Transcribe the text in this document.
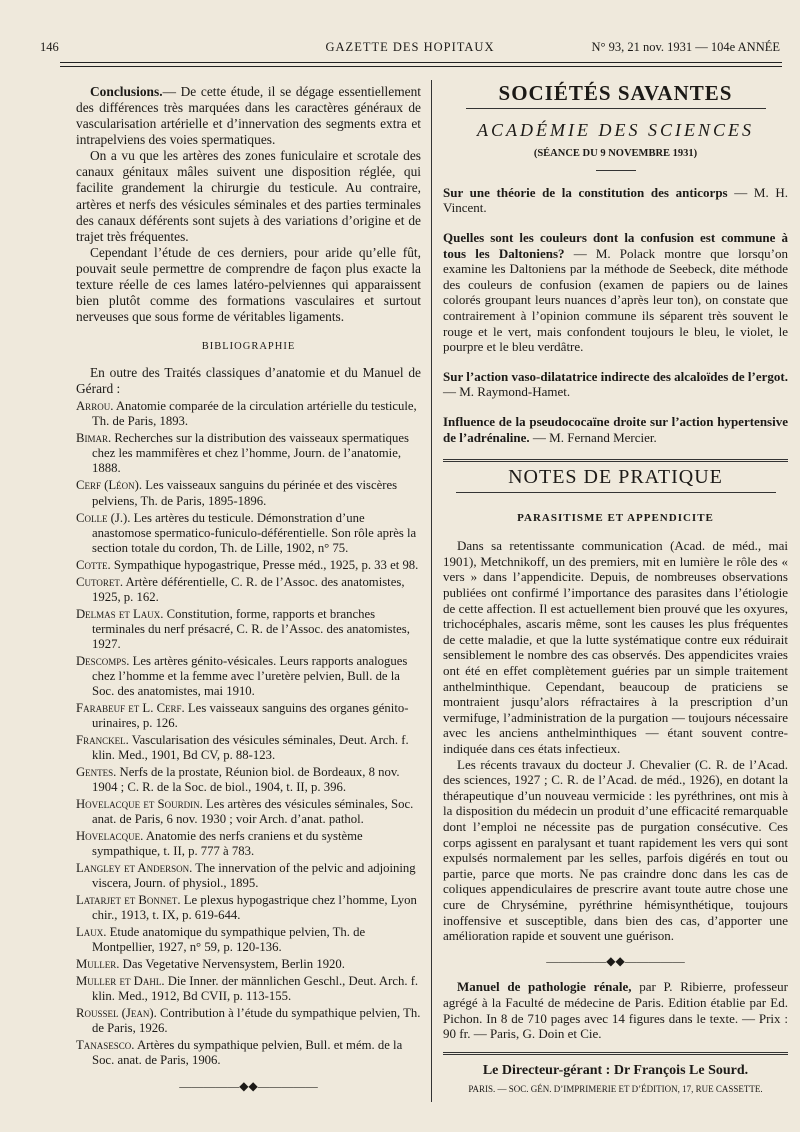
146	GAZETTE DES HOPITAUX	N° 93, 21 nov. 1931 — 104e ANNÉE

Conclusions.— De cette étude, il se dégage essentiellement des différences très marquées dans les caractères généraux de vascularisation artérielle et d’innervation des segments extra et intrapelviens des voies spermatiques.

On a vu que les artères des zones funiculaire et scrotale des canaux génitaux mâles suivent une disposition réglée, qui facilite grandement la chirurgie du testicule. Au contraire, artères et nerfs des vésicules séminales et des parties terminales des canaux déférents sont sujets à des variations d’origine et de trajet très fréquentes.

Cependant l’étude de ces derniers, pour aride qu’elle fût, pouvait seule permettre de comprendre de façon plus exacte la texture réelle de ces lames latéro-pelviennes qui apparaissent bien plutôt comme des formations vasculaires et surtout nerveuses que sous forme de véritables ligaments.

BIBLIOGRAPHIE

En outre des Traités classiques d’anatomie et du Manuel de Gérard :

Arrou. Anatomie comparée de la circulation artérielle du testicule, Th. de Paris, 1893.
Bimar. Recherches sur la distribution des vaisseaux spermatiques chez les mammifères et chez l’homme, Journ. de l’anatomie, 1888.
Cerf (Léon). Les vaisseaux sanguins du périnée et des viscères pelviens, Th. de Paris, 1895-1896.
Colle (J.). Les artères du testicule. Démonstration d’une anastomose spermatico-funiculo-déférentielle. Son rôle après la section totale du cordon, Th. de Lille, 1902, n° 75.
Cotte. Sympathique hypogastrique, Presse méd., 1925, p. 33 et 98.
Cutoret. Artère déférentielle, C. R. de l’Assoc. des anatomistes, 1925, p. 162.
Delmas et Laux. Constitution, forme, rapports et branches terminales du nerf présacré, C. R. de l’Assoc. des anatomistes, 1927.
Descomps. Les artères génito-vésicales. Leurs rapports analogues chez l’homme et la femme avec l’uretère pelvien, Bull. de la Soc. des anatomistes, mai 1910.
Farabeuf et L. Cerf. Les vaisseaux sanguins des organes génito-urinaires, p. 126.
Franckel. Vascularisation des vésicules séminales, Deut. Arch. f. klin. Med., 1901, Bd CV, p. 88-123.
Gentes. Nerfs de la prostate, Réunion biol. de Bordeaux, 8 nov. 1904 ; C. R. de la Soc. de biol., 1904, t. II, p. 396.
Hovelacque et Sourdin. Les artères des vésicules séminales, Soc. anat. de Paris, 6 nov. 1930 ; voir Arch. d’anat. pathol.
Hovelacque. Anatomie des nerfs craniens et du système sympathique, t. II, p. 777 à 783.
Langley et Anderson. The innervation of the pelvic and adjoining viscera, Journ. of physiol., 1895.
Latarjet et Bonnet. Le plexus hypogastrique chez l’homme, Lyon chir., 1913, t. IX, p. 619-644.
Laux. Etude anatomique du sympathique pelvien, Th. de Montpellier, 1927, n° 59, p. 120-136.
Muller. Das Vegetative Nervensystem, Berlin 1920.
Muller et Dahl. Die Inner. der männlichen Geschl., Deut. Arch. f. klin. Med., 1912, Bd CVII, p. 113-155.
Roussel (Jean). Contribution à l’étude du sympathique pelvien, Th. de Paris, 1926.
Tanasesco. Artères du sympathique pelvien, Bull. et mém. de la Soc. anat. de Paris, 1906.
—————◆◆—————
SOCIÉTÉS SAVANTES
ACADÉMIE DES SCIENCES
(SÉANCE DU 9 NOVEMBRE 1931)

Sur une théorie de la constitution des anticorps — M. H. Vincent.

Quelles sont les couleurs dont la confusion est commune à tous les Daltoniens? — M. Polack montre que lorsqu’on examine les Daltoniens par la méthode de Seebeck, dite méthode des couleurs de confusion (examen de papiers ou de laines colorés groupant leurs nuances d’après leur ton), on constate que contrairement à l’opinion commune ils séparent très souvent le rouge et le vert, mais confondent toujours le bleu, le violet, le pourpre et le bleu verdâtre.

Sur l’action vaso-dilatatrice indirecte des alcaloïdes de l’ergot. — M. Raymond-Hamet.

Influence de la pseudococaïne droite sur l’action hypertensive de l’adrénaline. — M. Fernand Mercier.

NOTES DE PRATIQUE
PARASITISME ET APPENDICITE

Dans sa retentissante communication (Acad. de méd., mai 1901), Metchnikoff, un des premiers, mit en lumière le rôle des « vers » dans l’appendicite. Depuis, de nombreuses observations publiées ont confirmé l’importance des parasites dans l’étiologie de cette affection. Il est actuellement bien prouvé que les oxyures, trichocéphales, ascaris même, sont les causes les plus fréquentes de cette maladie, et que la lutte systématique contre eux réduirait sensiblement le nombre des cas observés. Des appendicites vraies ont été en effet complètement guéries par un simple traitement anthelminthique. Cependant, beaucoup de praticiens se montraient jusqu’alors réfractaires à la prescription d’un vermifuge, l’administration de la purgation — toujours nécessaire avec les anciens anthelminthiques — étant souvent contre-indiquée dans ces états infectieux.

Les récents travaux du docteur J. Chevalier (C. R. de l’Acad. des sciences, 1927 ; C. R. de l’Acad. de méd., 1926), en dotant la thérapeutique d’un nouveau vermicide : les pyréthrines, ont mis à la disposition du médecin un produit d’une efficacité remarquable dont l’emploi ne nécessite pas de purgation consécutive. Ces corps agissent en paralysant et tuant rapidement les vers qui sont expulsés normalement par les selles, parfois digérés en tout ou partie, parce que morts. Ne pas craindre donc dans les cas de coliques appendiculaires de prescrire avant toute autre chose une cure de Chrysémine, pyréthrine hémisynthétique, toujours inoffensive et susceptible, dans bien des cas, d’apporter une amélioration rapide et souvent une guérison.

—————◆◆—————

Manuel de pathologie rénale, par P. Ribierre, professeur agrégé à la Faculté de médecine de Paris. Edition établie par Ed. Pichon. In 8 de 710 pages avec 14 figures dans le texte. — Prix : 90 fr. — Paris, G. Doin et Cie.

Le Directeur-gérant : Dr François Le Sourd.
PARIS. — SOC. GÉN. D’IMPRIMERIE ET D’ÉDITION, 17, RUE CASSETTE.
